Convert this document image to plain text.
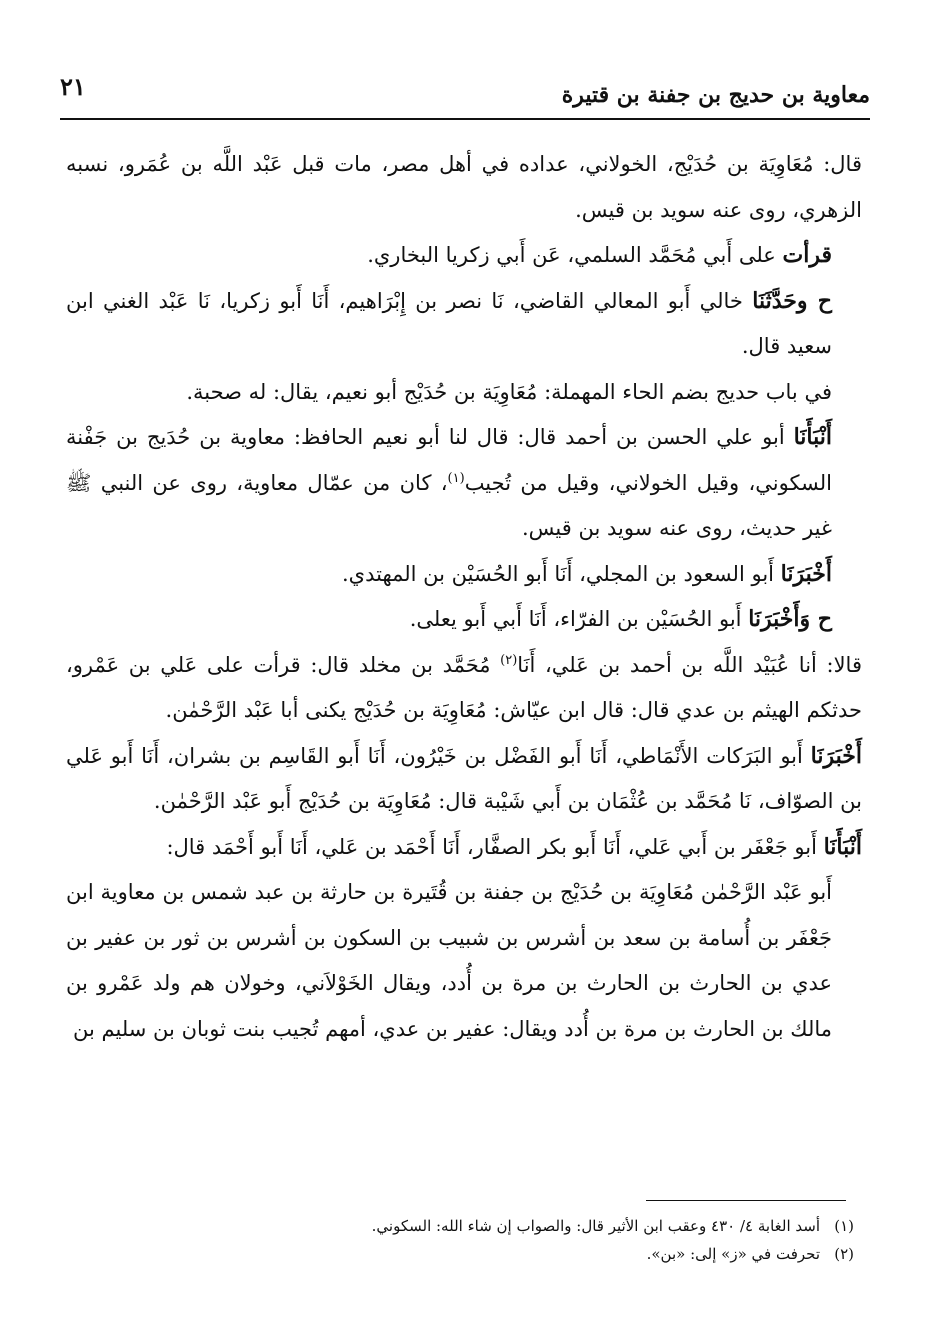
معاوية بن حديج بن جفنة بن قتيرة
٢١

قال: مُعَاوِيَة بن حُدَيْج، الخولاني، عداده في أهل مصر، مات قبل عَبْد اللَّه بن عُمَرو، نسبه الزهري، روى عنه سويد بن قيس.

قرأت على أَبي مُحَمَّد السلمي، عَن أَبي زكريا البخاري.

ح وحَدَّثَنَا خالي أَبو المعالي القاضي، نَا نصر بن إِبْرَاهيم، أَنَا أَبو زكريا، نَا عَبْد الغني ابن سعيد قال.

في باب حديج بضم الحاء المهملة: مُعَاوِيَة بن حُدَيْج أبو نعيم، يقال: له صحبة.

أَنْبَأَنَا أبو علي الحسن بن أحمد قال: قال لنا أبو نعيم الحافظ: معاوية بن حُدَيج بن جَفْنة السكوني، وقيل الخولاني، وقيل من تُجيب$^{(١)}$، كان من عمّال معاوية، روى عن النبي ﷺ غير حديث، روى عنه سويد بن قيس.

أَخْبَرَنَا أَبو السعود بن المجلي، أَنَا أَبو الحُسَيْن بن المهتدي.

ح وَأَخْبَرَنَا أَبو الحُسَيْن بن الفرّاء، أَنَا أَبي أَبو يعلى.

قالا: أنا عُبَيْد اللَّه بن أحمد بن عَلي، أَنَا$^{(٢)}$ مُحَمَّد بن مخلد قال: قرأت على عَلي بن عَمْرو، حدثكم الهيثم بن عدي قال: قال ابن عيّاش: مُعَاوِيَة بن حُدَيْج يكنى أبا عَبْد الرَّحْمٰن.

أَخْبَرَنَا أَبو البَرَكات الأَنْمَاطي، أَنَا أَبو الفَضْل بن خَيْرُون، أَنَا أَبو القَاسِم بن بشران، أَنَا أَبو عَلي بن الصوّاف، نَا مُحَمَّد بن عُثْمَان بن أَبي شَيْبة قال: مُعَاوِيَة بن حُدَيْج أَبو عَبْد الرَّحْمٰن.

أَنْبَأَنَا أَبو جَعْفَر بن أَبي عَلي، أَنَا أَبو بكر الصفَّار، أَنَا أَحْمَد بن عَلي، أَنَا أَبو أَحْمَد قال:

أَبو عَبْد الرَّحْمٰن مُعَاوِيَة بن حُدَيْج بن جفنة بن قُتَيرة بن حارثة بن عبد شمس بن معاوية ابن جَعْفَر بن أُسامة بن سعد بن أشرس بن شبيب بن السكون بن أشرس بن ثور بن عفير بن عدي بن الحارث بن الحارث بن مرة بن أُدد، ويقال الخَوْلاَني، وخولان هم ولد عَمْرو بن مالك بن الحارث بن مرة بن أُدد ويقال: عفير بن عدي، أمهم تُجيب بنت ثوبان بن سليم بن

(١)أسد الغابة ٤/ ٤٣٠ وعقب ابن الأثير قال: والصواب إن شاء الله: السكوني.

(٢)تحرفت في «ز» إلى: «بن».
